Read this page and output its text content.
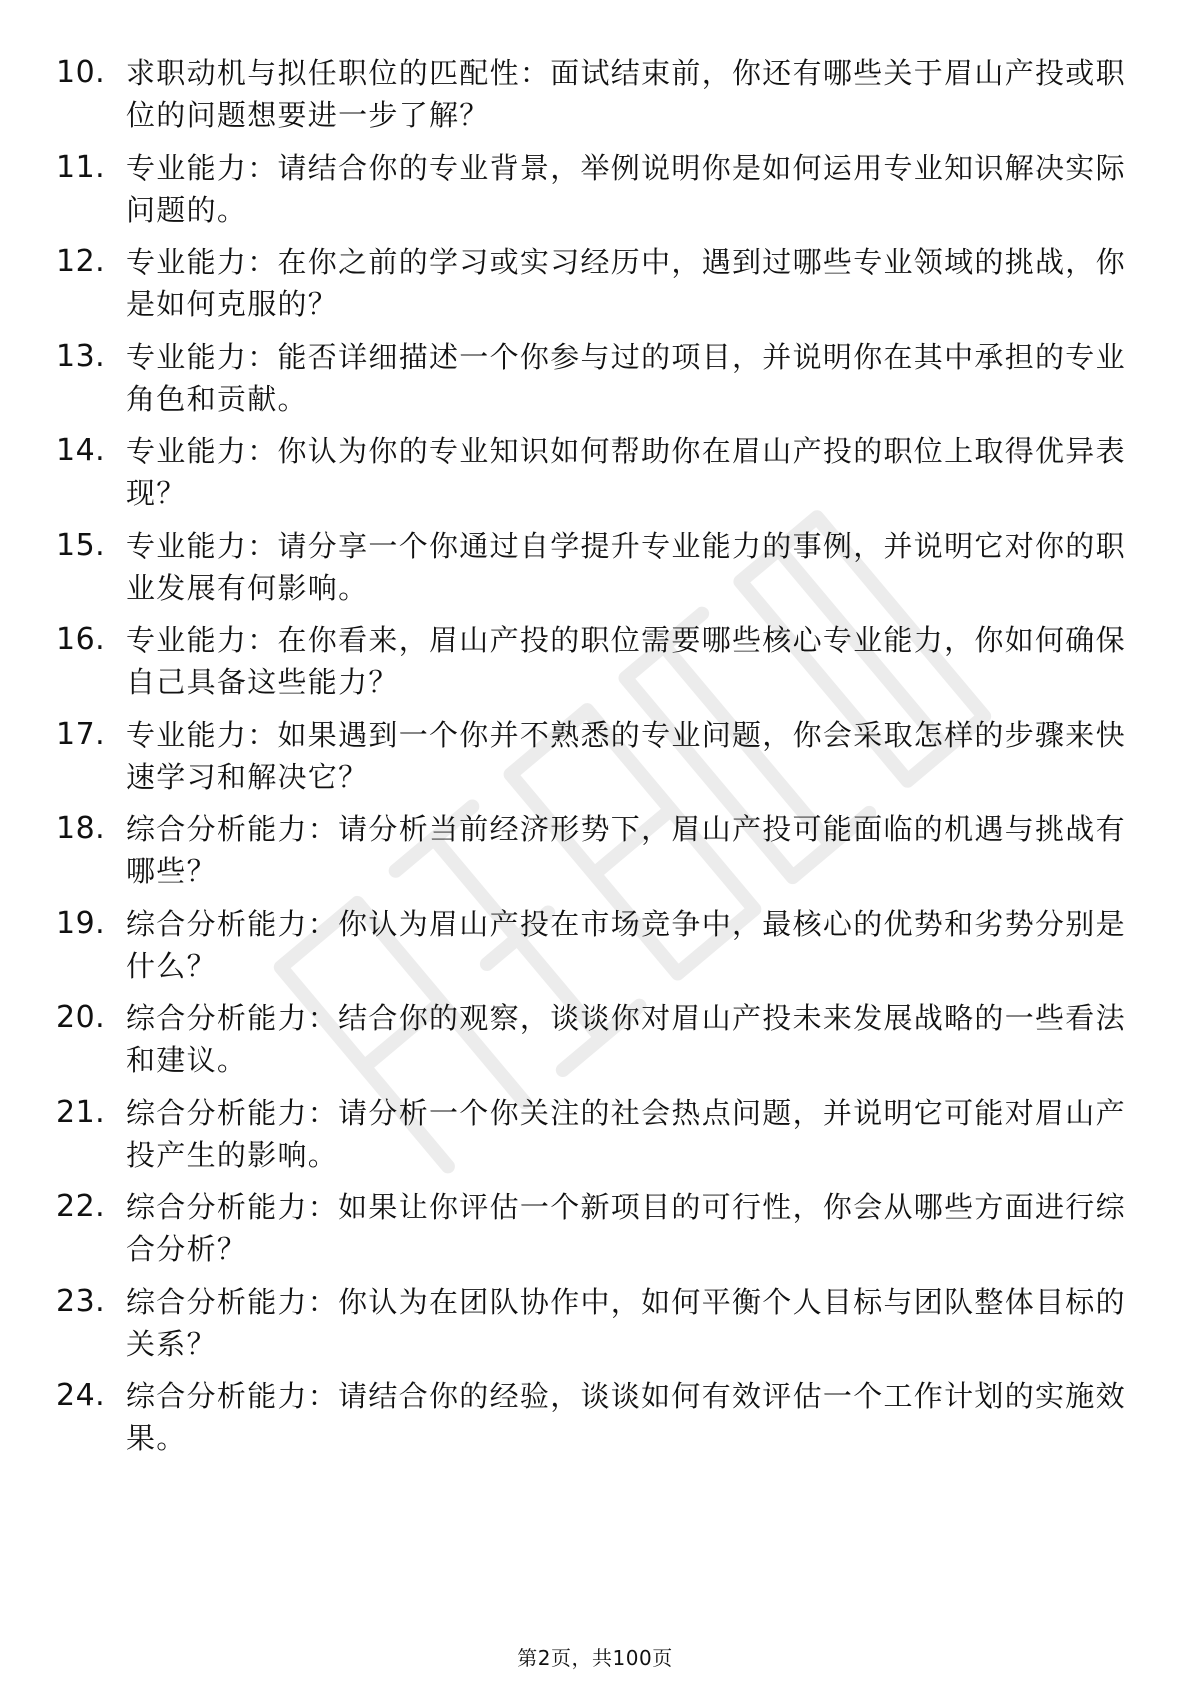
10. 求职动机与拟任职位的匹配性：面试结束前，你还有哪些关于眉山产投或职位的问题想要进一步了解？
11. 专业能力：请结合你的专业背景，举例说明你是如何运用专业知识解决实际问题的。
12. 专业能力：在你之前的学习或实习经历中，遇到过哪些专业领域的挑战，你是如何克服的？
13. 专业能力：能否详细描述一个你参与过的项目，并说明你在其中承担的专业角色和贡献。
14. 专业能力：你认为你的专业知识如何帮助你在眉山产投的职位上取得优异表现？
15. 专业能力：请分享一个你通过自学提升专业能力的事例，并说明它对你的职业发展有何影响。
16. 专业能力：在你看来，眉山产投的职位需要哪些核心专业能力，你如何确保自己具备这些能力？
17. 专业能力：如果遇到一个你并不熟悉的专业问题，你会采取怎样的步骤来快速学习和解决它？
18. 综合分析能力：请分析当前经济形势下，眉山产投可能面临的机遇与挑战有哪些？
19. 综合分析能力：你认为眉山产投在市场竞争中，最核心的优势和劣势分别是什么？
20. 综合分析能力：结合你的观察，谈谈你对眉山产投未来发展战略的一些看法和建议。
21. 综合分析能力：请分析一个你关注的社会热点问题，并说明它可能对眉山产投产生的影响。
22. 综合分析能力：如果让你评估一个新项目的可行性，你会从哪些方面进行综合分析？
23. 综合分析能力：你认为在团队协作中，如何平衡个人目标与团队整体目标的关系？
24. 综合分析能力：请结合你的经验，谈谈如何有效评估一个工作计划的实施效果。
第2页，共100页
